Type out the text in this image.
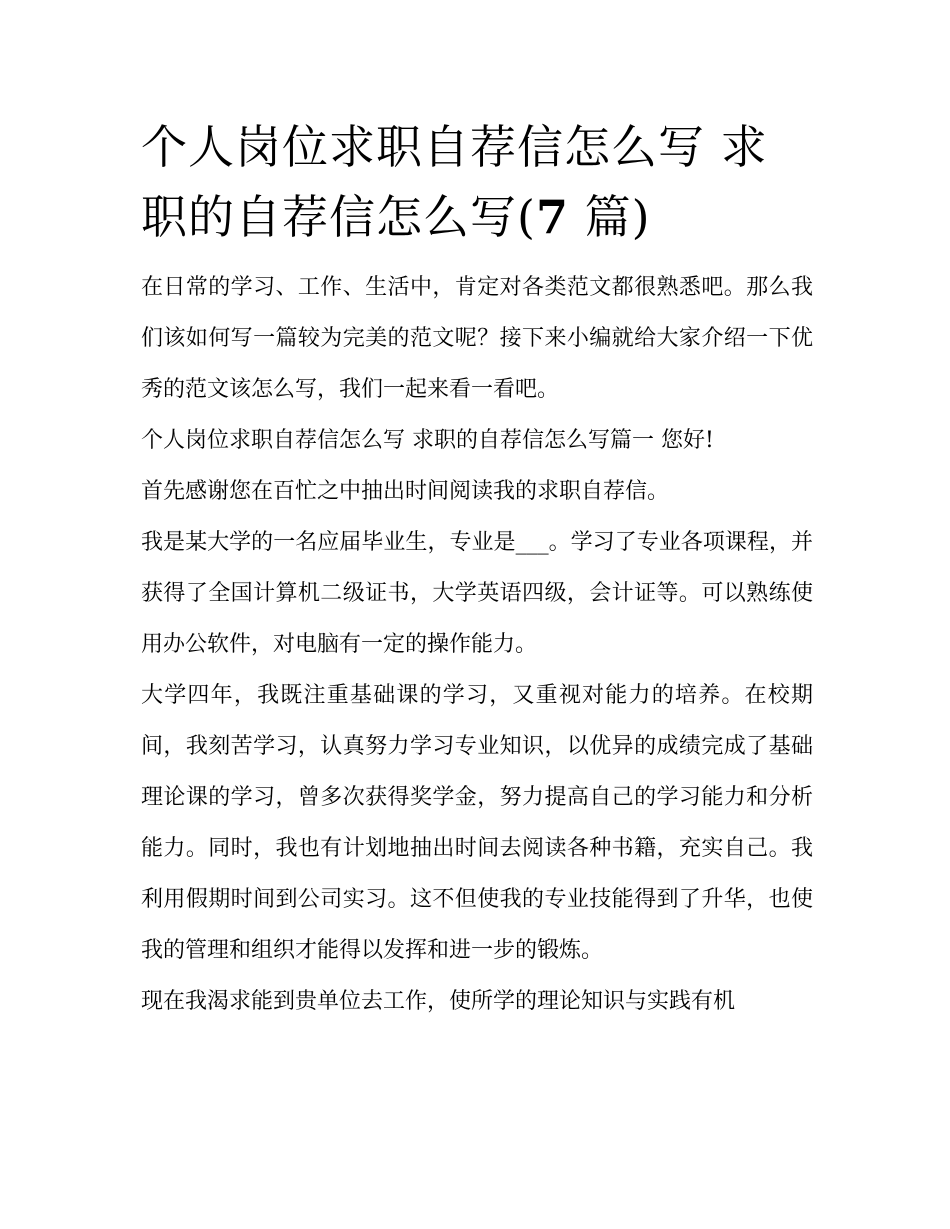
个人岗位求职自荐信怎么写 求职的自荐信怎么写(7 篇)

在日常的学习、工作、生活中，肯定对各类范文都很熟悉吧。那么我们该如何写一篇较为完美的范文呢？接下来小编就给大家介绍一下优秀的范文该怎么写，我们一起来看一看吧。

个人岗位求职自荐信怎么写 求职的自荐信怎么写篇一 您好!

首先感谢您在百忙之中抽出时间阅读我的求职自荐信。

我是某大学的一名应届毕业生，专业是___。学习了专业各项课程，并获得了全国计算机二级证书，大学英语四级，会计证等。可以熟练使用办公软件，对电脑有一定的操作能力。

大学四年，我既注重基础课的学习，又重视对能力的培养。在校期间，我刻苦学习，认真努力学习专业知识，以优异的成绩完成了基础理论课的学习，曾多次获得奖学金，努力提高自己的学习能力和分析能力。同时，我也有计划地抽出时间去阅读各种书籍，充实自己。我利用假期时间到公司实习。这不但使我的专业技能得到了升华，也使我的管理和组织才能得以发挥和进一步的锻炼。

现在我渴求能到贵单位去工作，使所学的理论知识与实践有机
